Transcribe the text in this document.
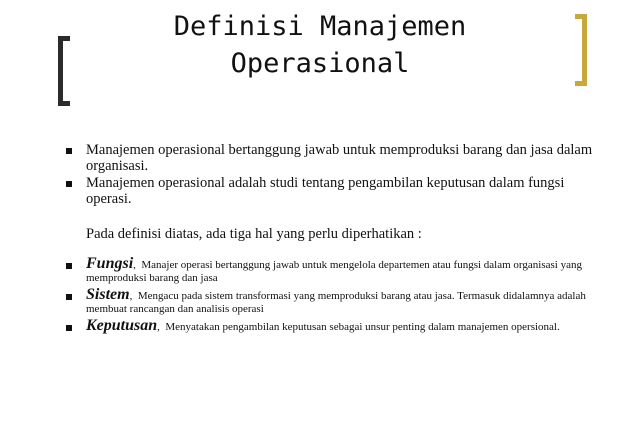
Definisi Manajemen
Operasional
Manajemen operasional bertanggung jawab untuk memproduksi barang dan jasa dalam organisasi.
Manajemen operasional adalah studi tentang pengambilan keputusan dalam fungsi operasi.
Pada definisi diatas, ada tiga hal yang perlu diperhatikan :
Fungsi,  Manajer operasi bertanggung jawab untuk mengelola departemen atau fungsi dalam organisasi yang memproduksi barang dan jasa
Sistem,  Mengacu pada sistem transformasi yang memproduksi barang atau jasa. Termasuk didalamnya adalah membuat rancangan dan analisis operasi
Keputusan,  Menyatakan pengambilan keputusan sebagai unsur penting dalam manajemen opersional.
